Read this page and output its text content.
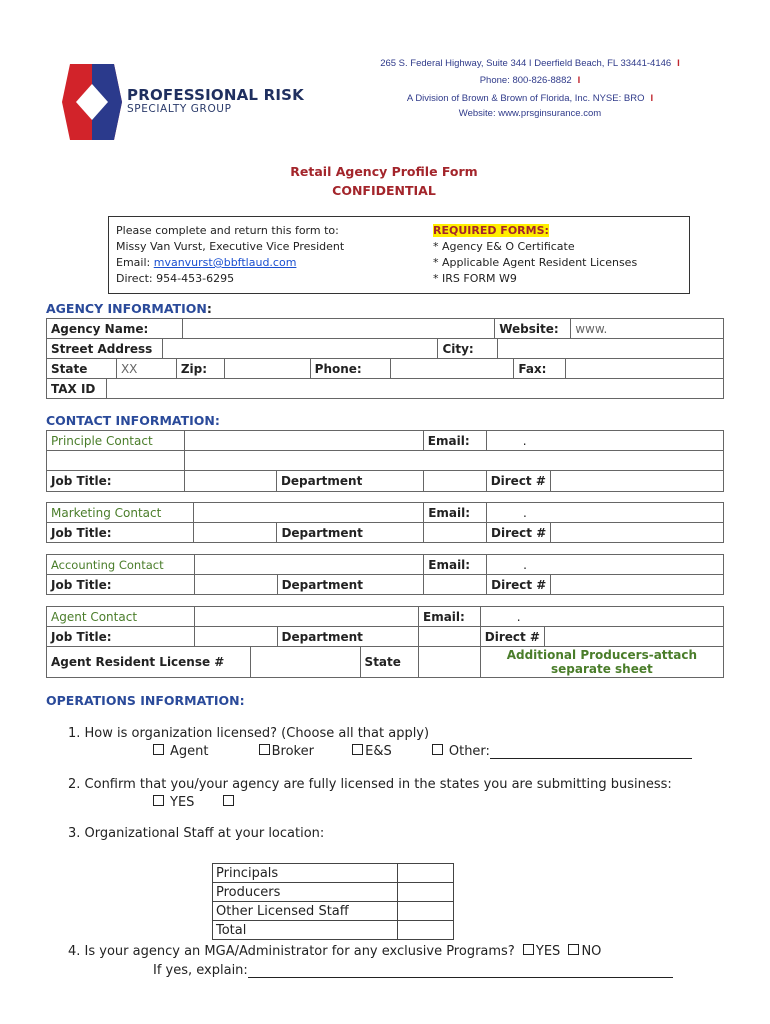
PROFESSIONAL RISK
SPECIALTY GROUP
265 S. Federal Highway, Suite 344 I Deerfield Beach, FL 33441-4146 I
Phone: 800-826-8882 I
A Division of Brown & Brown of Florida, Inc. NYSE: BRO I
Website: www.prsginsurance.com
Retail Agency Profile Form
CONFIDENTIAL
Please complete and return this form to:
Missy Van Vurst, Executive Vice President
Email: mvanvurst@bbftlaud.com
Direct: 954-453-6295
REQUIRED FORMS:
* Agency E& O Certificate
* Applicable Agent Resident Licenses
* IRS FORM W9
AGENCY INFORMATION:
Agency Name:		Website:	www.
Street Address		City:	
State	XX	Zip:		Phone:		Fax:	
TAX ID	
CONTACT INFORMATION:
Principle Contact			Email:	.	

Job Title:		Department		Direct #	
Marketing Contact			Email:	.	
Job Title:		Department		Direct #	
Accounting Contact			Email:	.	
Job Title:		Department		Direct #	
Agent Contact					Email:	.	
Job Title:			Department			Direct #	
Agent Resident License #				State		Additional Producers-attach
separate sheet	
OPERATIONS INFORMATION:
1. How is organization licensed? (Choose all that apply)
Agent	Broker	E&S	Other:
2. Confirm that you/your agency are fully licensed in the states you are submitting business:
YES
3. Organizational Staff at your location:
Principals	
Producers	
Other Licensed Staff	
Total	
4. Is your agency an MGA/Administrator for any exclusive Programs? YES NO
If yes, explain:
